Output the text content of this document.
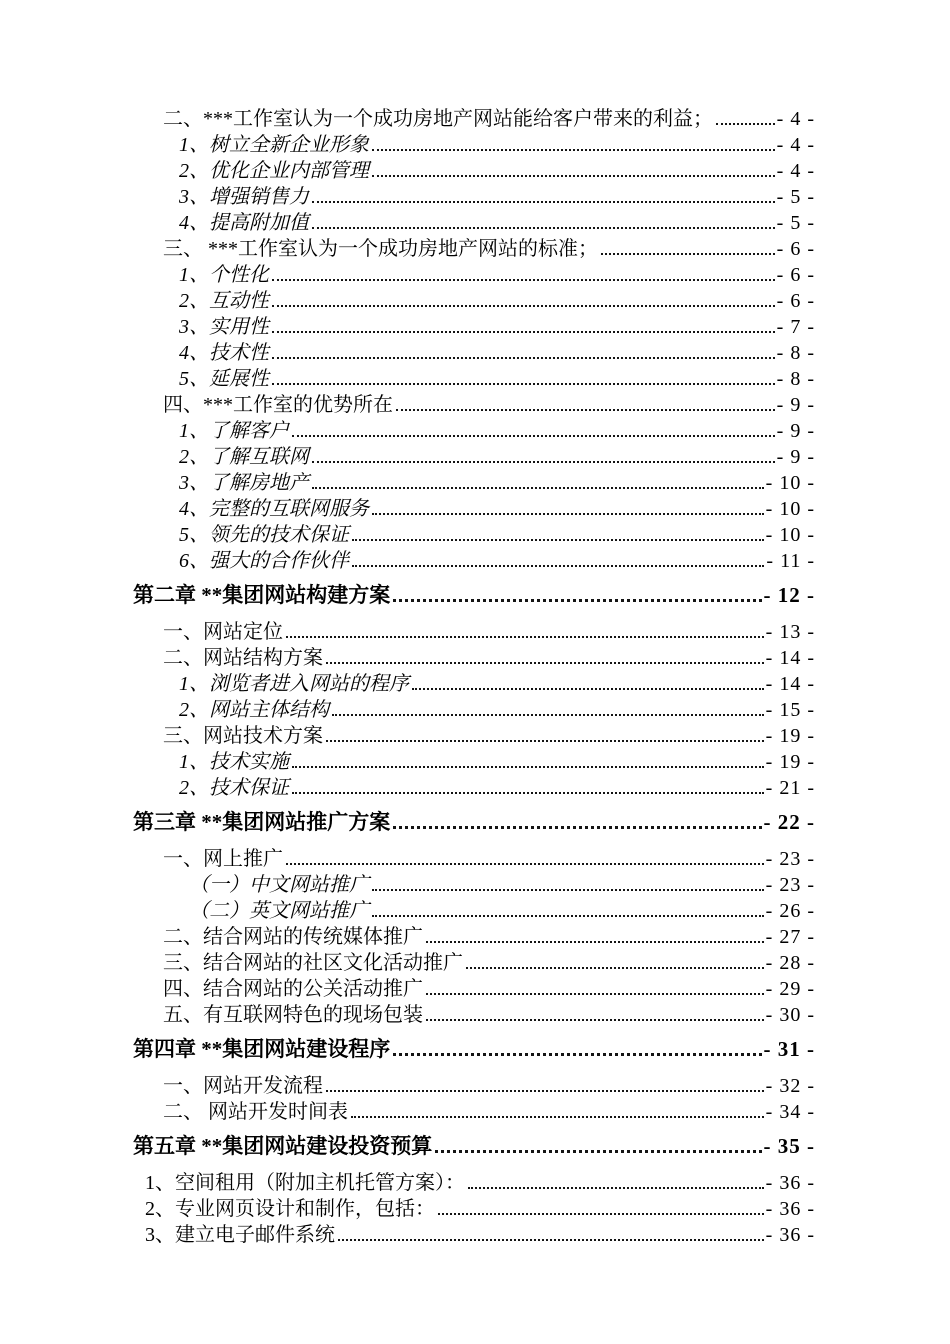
二、***工作室认为一个成功房地产网站能给客户带来的利益；	- 4 -
1、树立全新企业形象	- 4 -
2、优化企业内部管理	- 4 -
3、增强销售力	- 5 -
4、提高附加值	- 5 -
三、 ***工作室认为一个成功房地产网站的标准；	- 6 -
1、个性化	- 6 -
2、互动性	- 6 -
3、实用性	- 7 -
4、技术性	- 8 -
5、延展性	- 8 -
四、***工作室的优势所在	- 9 -
1、了解客户	- 9 -
2、了解互联网	- 9 -
3、了解房地产	- 10 -
4、完整的互联网服务	- 10 -
5、领先的技术保证	- 10 -
6、强大的合作伙伴	- 11 -
第二章 **集团网站构建方案	- 12 -
一、网站定位	- 13 -
二、网站结构方案	- 14 -
1、浏览者进入网站的程序	- 14 -
2、网站主体结构	- 15 -
三、网站技术方案	- 19 -
1、技术实施	- 19 -
2、技术保证	- 21 -
第三章 **集团网站推广方案	- 22 -
一、网上推广	- 23 -
（一）中文网站推广	- 23 -
（二）英文网站推广	- 26 -
二、结合网站的传统媒体推广	- 27 -
三、结合网站的社区文化活动推广	- 28 -
四、结合网站的公关活动推广	- 29 -
五、有互联网特色的现场包装	- 30 -
第四章 **集团网站建设程序	- 31 -
一、网站开发流程	- 32 -
二、 网站开发时间表	- 34 -
第五章 **集团网站建设投资预算	- 35 -
1、空间租用（附加主机托管方案）：	- 36 -
2、专业网页设计和制作，包括：	- 36 -
3、建立电子邮件系统	- 36 -
